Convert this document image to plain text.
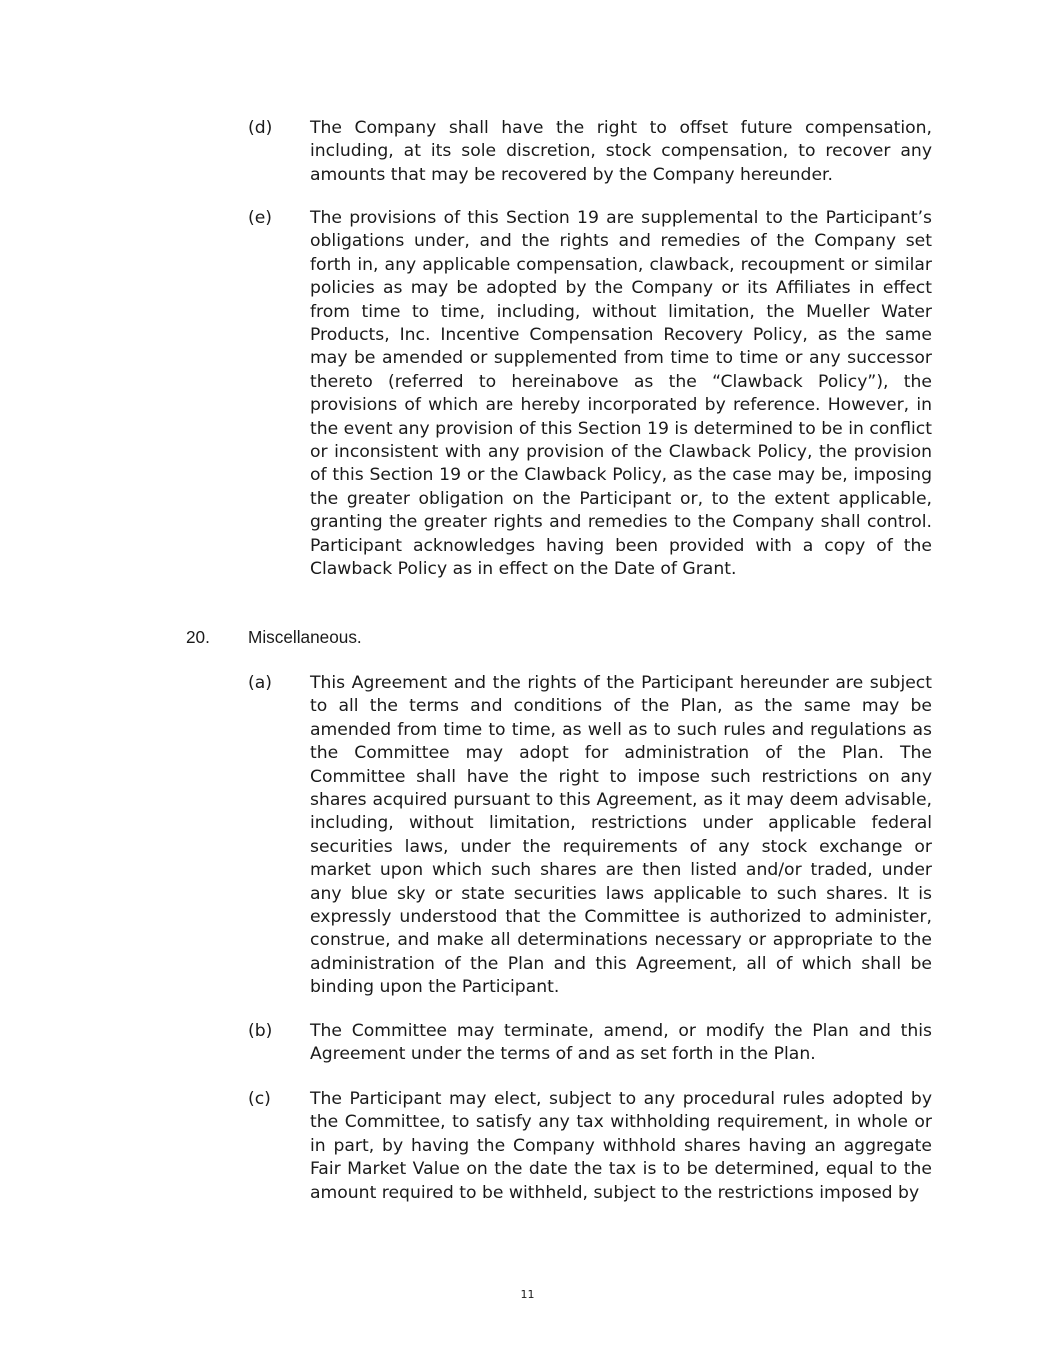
(d)	The Company shall have the right to offset future compensation, including, at its sole discretion, stock compensation, to recover any amounts that may be recovered by the Company hereunder.
(e)	The provisions of this Section 19 are supplemental to the Participant’s obligations under, and the rights and remedies of the Company set forth in, any applicable compensation, clawback, recoupment or similar policies as may be adopted by the Company or its Affiliates in effect from time to time, including, without limitation, the Mueller Water Products, Inc. Incentive Compensation Recovery Policy, as the same may be amended or supplemented from time to time or any successor thereto (referred to hereinabove as the “Clawback Policy”), the provisions of which are hereby incorporated by reference. However, in the event any provision of this Section 19 is determined to be in conflict or inconsistent with any provision of the Clawback Policy, the provision of this Section 19 or the Clawback Policy, as the case may be, imposing the greater obligation on the Participant or, to the extent applicable, granting the greater rights and remedies to the Company shall control. Participant acknowledges having been provided with a copy of the Clawback Policy as in effect on the Date of Grant.
20. Miscellaneous.
(a)	This Agreement and the rights of the Participant hereunder are subject to all the terms and conditions of the Plan, as the same may be amended from time to time, as well as to such rules and regulations as the Committee may adopt for administration of the Plan. The Committee shall have the right to impose such restrictions on any shares acquired pursuant to this Agreement, as it may deem advisable, including, without limitation, restrictions under applicable federal securities laws, under the requirements of any stock exchange or market upon which such shares are then listed and/or traded, under any blue sky or state securities laws applicable to such shares. It is expressly understood that the Committee is authorized to administer, construe, and make all determinations necessary or appropriate to the administration of the Plan and this Agreement, all of which shall be binding upon the Participant.
(b)	The Committee may terminate, amend, or modify the Plan and this Agreement under the terms of and as set forth in the Plan.
(c)	The Participant may elect, subject to any procedural rules adopted by the Committee, to satisfy any tax withholding requirement, in whole or in part, by having the Company withhold shares having an aggregate Fair Market Value on the date the tax is to be determined, equal to the amount required to be withheld, subject to the restrictions imposed by
11
